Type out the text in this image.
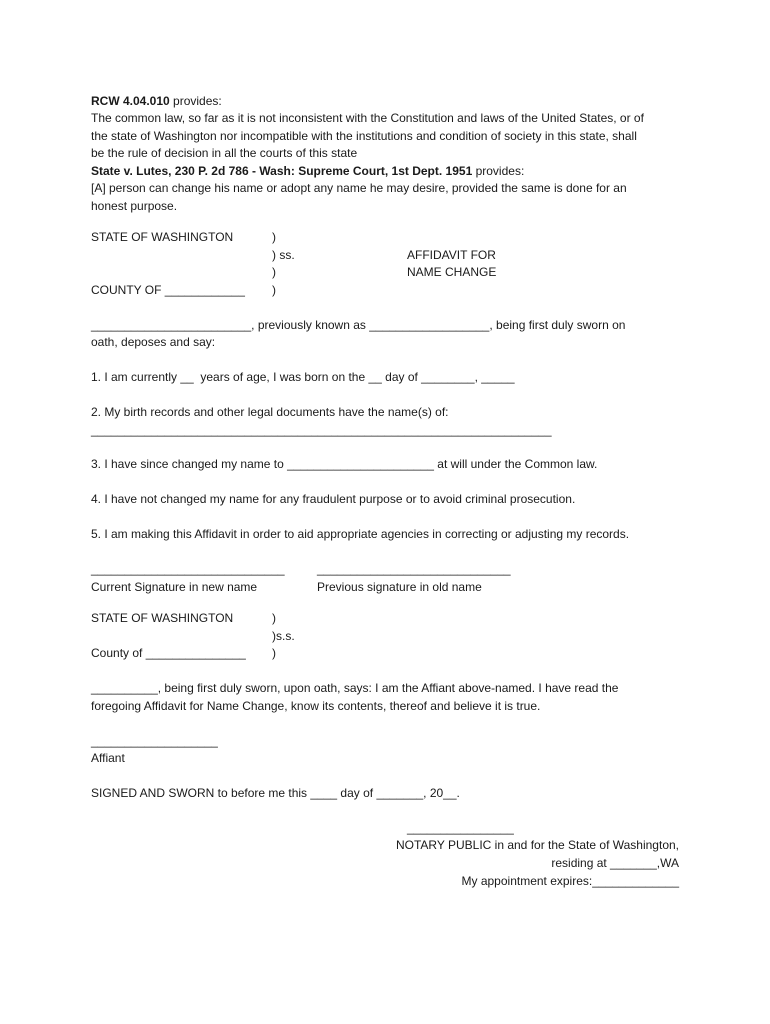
RCW 4.04.010 provides:
The common law, so far as it is not inconsistent with the Constitution and laws of the United States, or of
the state of Washington nor incompatible with the institutions and condition of society in this state, shall
be the rule of decision in all the courts of this state
State v. Lutes, 230 P. 2d 786 - Wash: Supreme Court, 1st Dept. 1951 provides:
[A] person can change his name or adopt any name he may desire, provided the same is done for an
honest purpose.
STATE OF WASHINGTON	)
) ss.	AFFIDAVIT FOR
)	NAME CHANGE
COUNTY OF ____________ )
________________________, previously known as __________________, being first duly sworn on
oath, deposes and say:
1. I am currently __  years of age, I was born on the __ day of ________, _____
2. My birth records and other legal documents have the name(s) of:
_____________________________________________________________________
3. I have since changed my name to ______________________ at will under the Common law.
4. I have not changed my name for any fraudulent purpose or to avoid criminal prosecution.
5. I am making this Affidavit in order to aid appropriate agencies in correcting or adjusting my records.
_____________________________	_____________________________
Current Signature in new name	Previous signature in old name
STATE OF WASHINGTON	)
)s.s.
County of _______________ )
__________, being first duly sworn, upon oath, says: I am the Affiant above-named. I have read the
foregoing Affidavit for Name Change, know its contents, thereof and believe it is true.
___________________
Affiant
SIGNED AND SWORN to before me this ____ day of _______, 20__.
________________
NOTARY PUBLIC in and for the State of Washington,
residing at _______,WA
My appointment expires:_____________
